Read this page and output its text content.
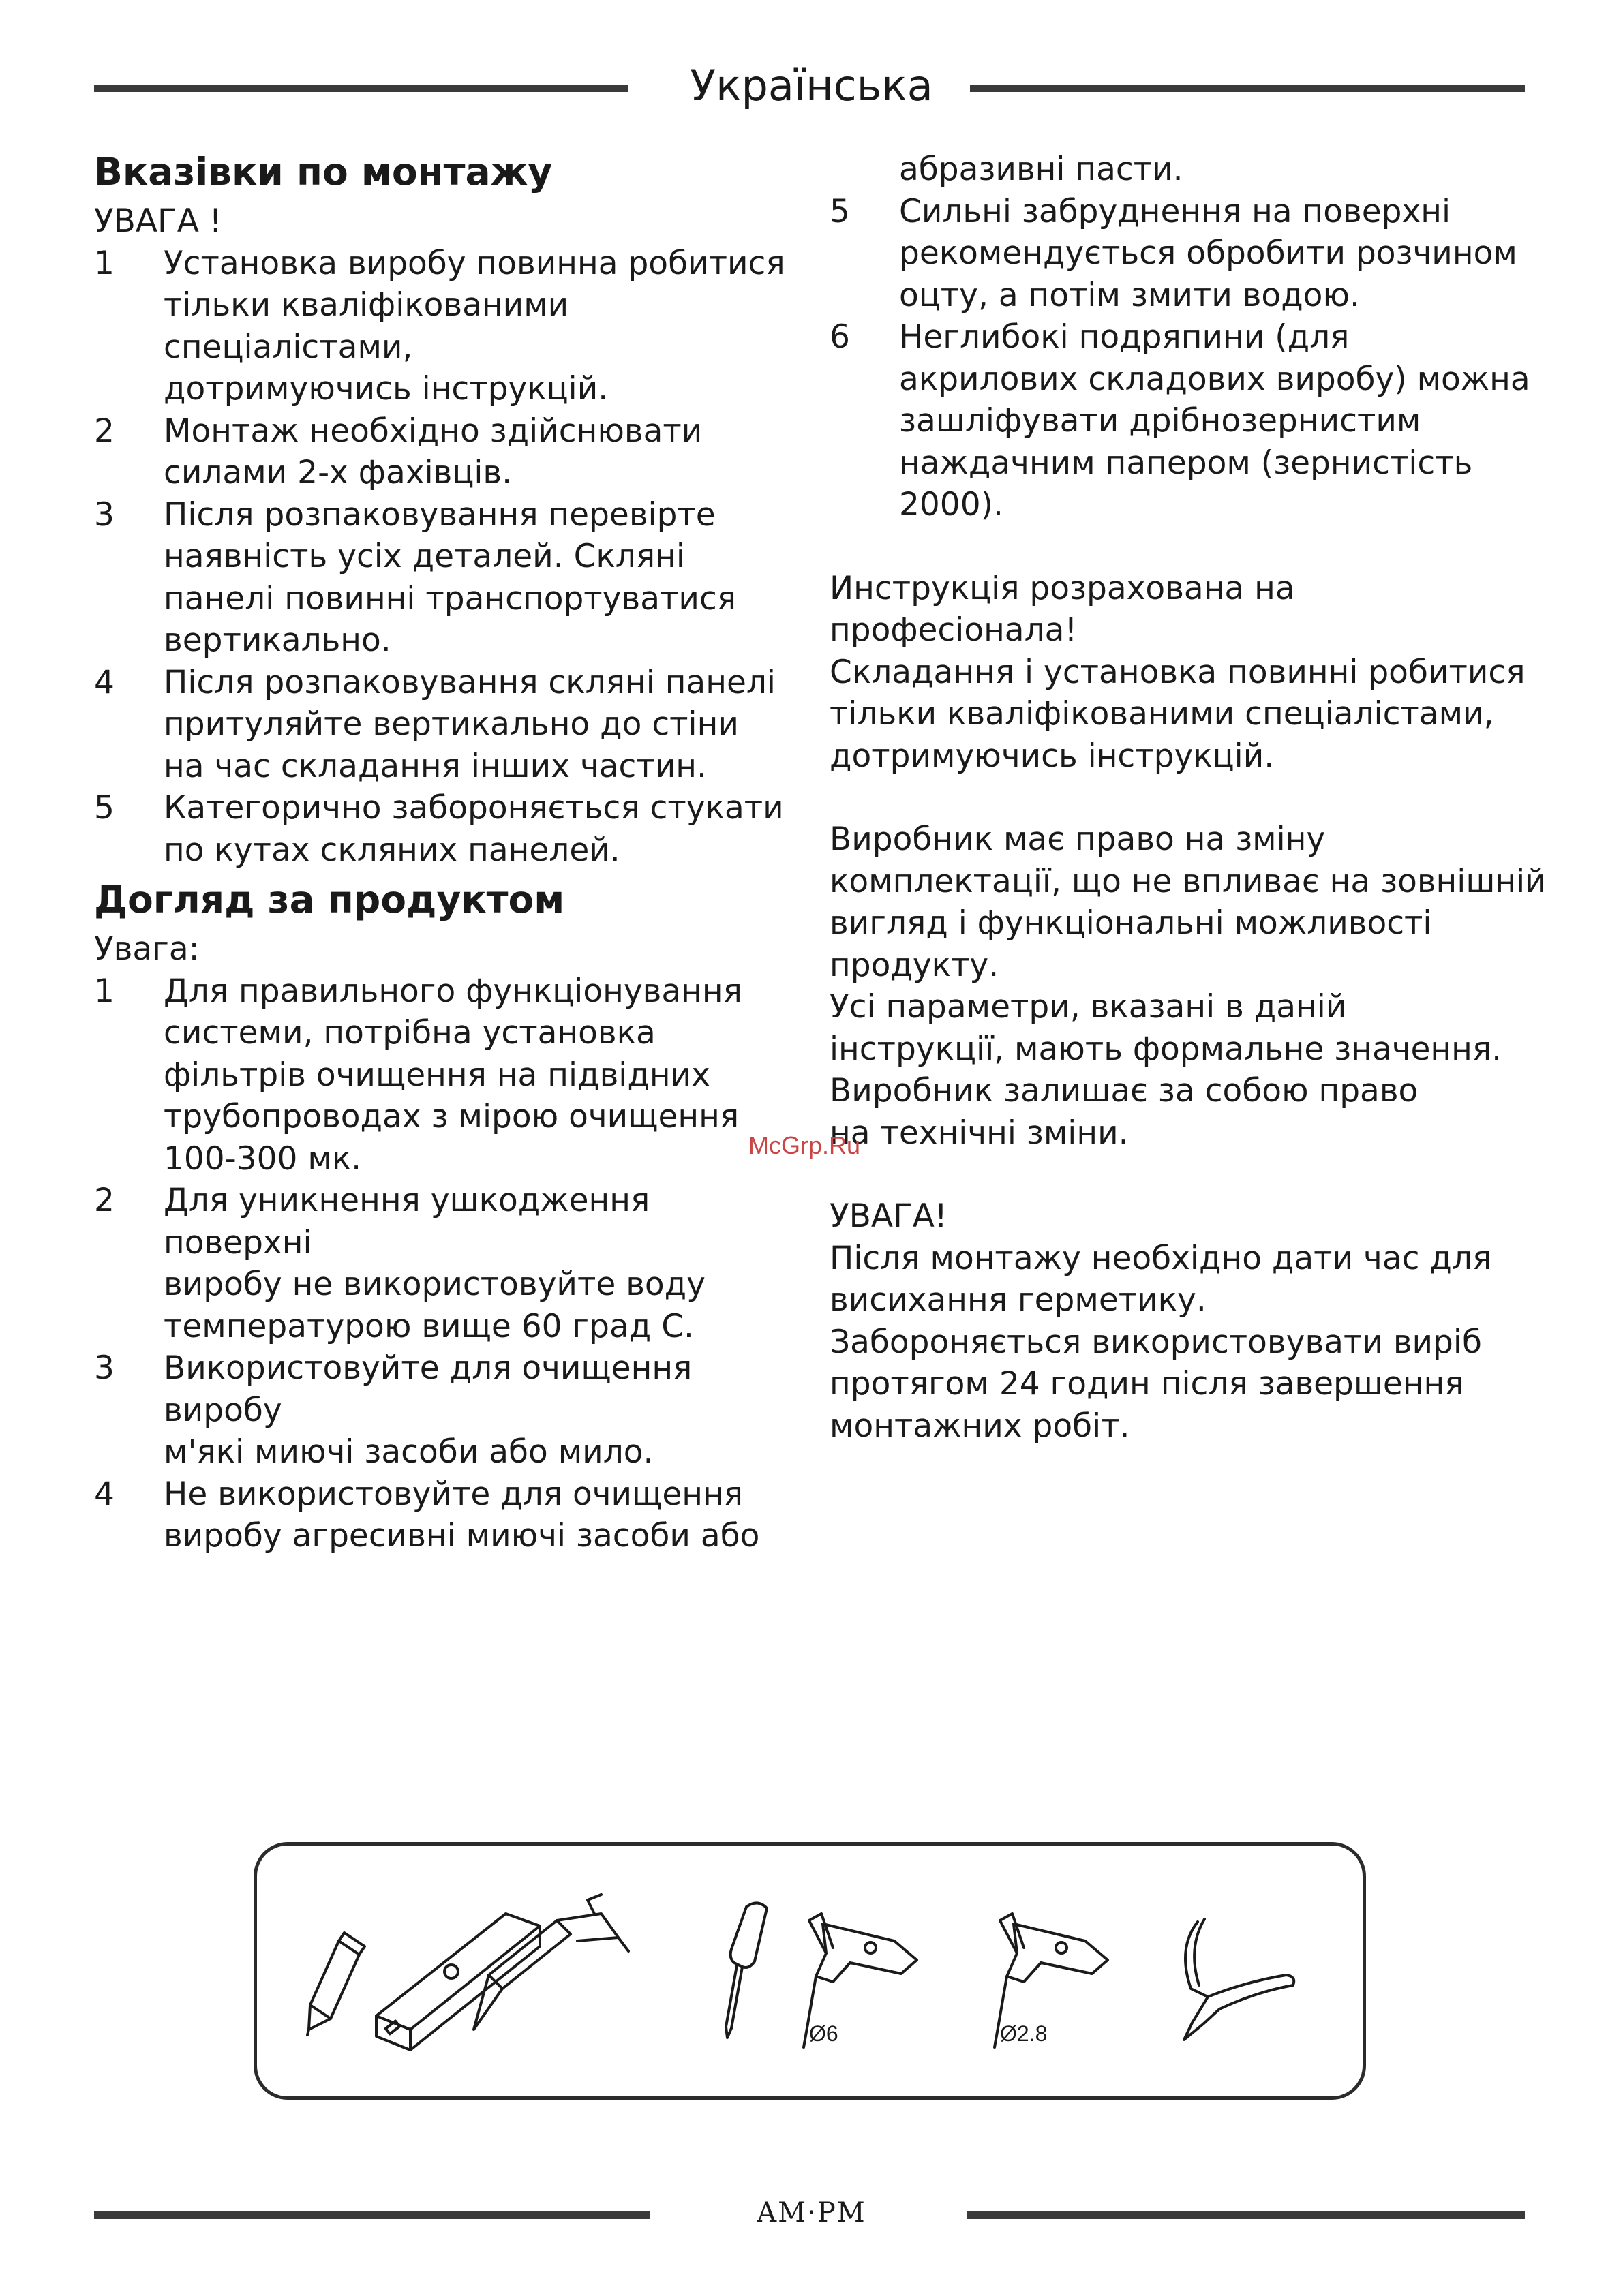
Українська
Вказівки по монтажу

УВАГА !

1 Установка виробу повинна робитися

тільки кваліфікованими спеціалістами,

дотримуючись інструкцій.

2 Монтаж необхідно здійснювати

силами 2-х фахівців.

3 Після розпаковування перевірте

наявність усіх деталей. Скляні

панелі повинні транспортуватися

вертикально.

4 Після розпаковування скляні панелі

притуляйте вертикально до стіни

на час складання інших частин.

5 Категорично забороняється стукати

по кутах скляних панелей.

Догляд за продуктом

Увага:

1 Для правильного функціонування

системи, потрібна установка

фільтрів очищення на підвідних

трубопроводах з мірою очищення

100-300 мк.

2 Для уникнення ушкодження поверхні

виробу не використовуйте воду

температурою вище 60 град С.

3 Використовуйте для очищення виробу

м'які миючі засоби або мило.

4 Не використовуйте для очищення

виробу агресивні миючі засоби або

абразивні пасти.

5 Сильні забруднення на поверхні

рекомендується обробити розчином

оцту, а потім змити водою.

6 Неглибокі подряпини (для

акрилових складових виробу) можна

зашліфувати дрібнозернистим

наждачним папером (зернистість

2000).

Инструкція розрахована на професіонала!

Складання і установка повинні робитися

тільки кваліфікованими спеціалістами,

дотримуючись інструкцій.

Виробник має право на зміну

комплектації, що не впливає на зовнішній

вигляд і функціональні можливості

продукту.

Усі параметри, вказані в даній

інструкції, мають формальне значення.

Виробник залишає за собою право

на технічні зміни.

УВАГА!

Після монтажу необхідно дати час для

висихання герметику.

Забороняється використовувати виріб

протягом 24 годин після завершення

монтажних робіт.

McGrp.Ru
Ø6	Ø2.8
AM·PM
